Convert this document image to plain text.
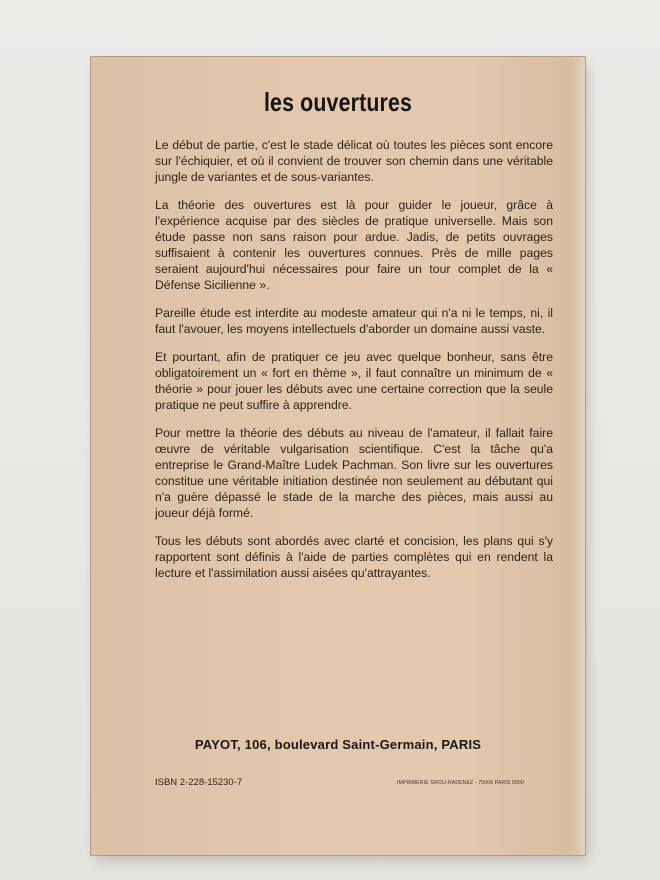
les ouvertures

Le début de partie, c'est le stade délicat où toutes les pièces sont encore sur l'échiquier, et où il convient de trouver son chemin dans une véritable jungle de variantes et de sous-variantes.

La théorie des ouvertures est là pour guider le joueur, grâce à l'expérience acquise par des siècles de pratique universelle. Mais son étude passe non sans raison pour ardue. Jadis, de petits ouvrages suffisaient à contenir les ouvertures connues. Près de mille pages seraient aujourd'hui nécessaires pour faire un tour complet de la « Défense Sicilienne ».

Pareille étude est interdite au modeste amateur qui n'a ni le temps, ni, il faut l'avouer, les moyens intellectuels d'aborder un domaine aussi vaste.

Et pourtant, afin de pratiquer ce jeu avec quelque bonheur, sans être obligatoirement un « fort en thème », il faut connaître un minimum de « théorie » pour jouer les débuts avec une certaine correction que la seule pratique ne peut suffire à apprendre.

Pour mettre la théorie des débuts au niveau de l'amateur, il fallait faire œuvre de véritable vulgarisation scientifique. C'est la tâche qu'a entreprise le Grand-Maître Ludek Pachman. Son livre sur les ouvertures constitue une véritable initiation destinée non seulement au débutant qui n'a guère dépassé le stade de la marche des pièces, mais aussi au joueur déjà formé.

Tous les débuts sont abordés avec clarté et concision, les plans qui s'y rapportent sont définis à l'aide de parties complètes qui en rendent la lecture et l'assimilation aussi aisées qu'attrayantes.

PAYOT, 106, boulevard Saint-Germain, PARIS
ISBN 2-228-15230-7	IMPRIMERIE GROU-RADENEZ - 75006 PARIS 0000
